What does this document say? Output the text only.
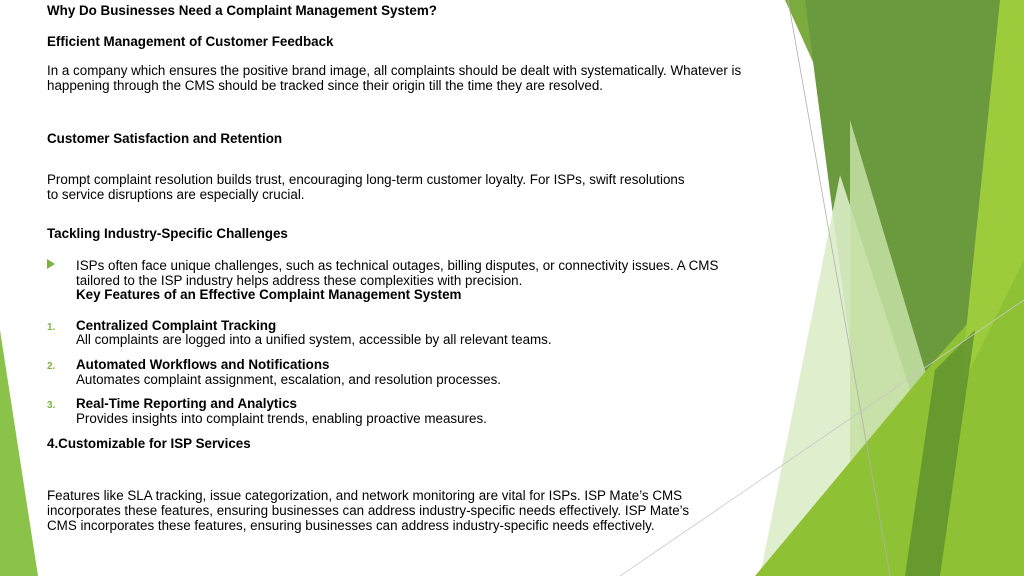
Why Do Businesses Need a Complaint Management System?
Efficient Management of Customer Feedback
In a company which ensures the positive brand image, all complaints should be dealt with systematically. Whatever is happening through the CMS should be tracked since their origin till the time they are resolved.
Customer Satisfaction and Retention
Prompt complaint resolution builds trust, encouraging long-term customer loyalty. For ISPs, swift resolutions to service disruptions are especially crucial.
Tackling Industry-Specific Challenges
ISPs often face unique challenges, such as technical outages, billing disputes, or connectivity issues. A CMS tailored to the ISP industry helps address these complexities with precision.
Key Features of an Effective Complaint Management System
1. Centralized Complaint Tracking
All complaints are logged into a unified system, accessible by all relevant teams.
2. Automated Workflows and Notifications
Automates complaint assignment, escalation, and resolution processes.
3. Real-Time Reporting and Analytics
Provides insights into complaint trends, enabling proactive measures.
4.Customizable for ISP Services
Features like SLA tracking, issue categorization, and network monitoring are vital for ISPs. ISP Mate’s CMS incorporates these features, ensuring businesses can address industry-specific needs effectively. ISP Mate’s CMS incorporates these features, ensuring businesses can address industry-specific needs effectively.
